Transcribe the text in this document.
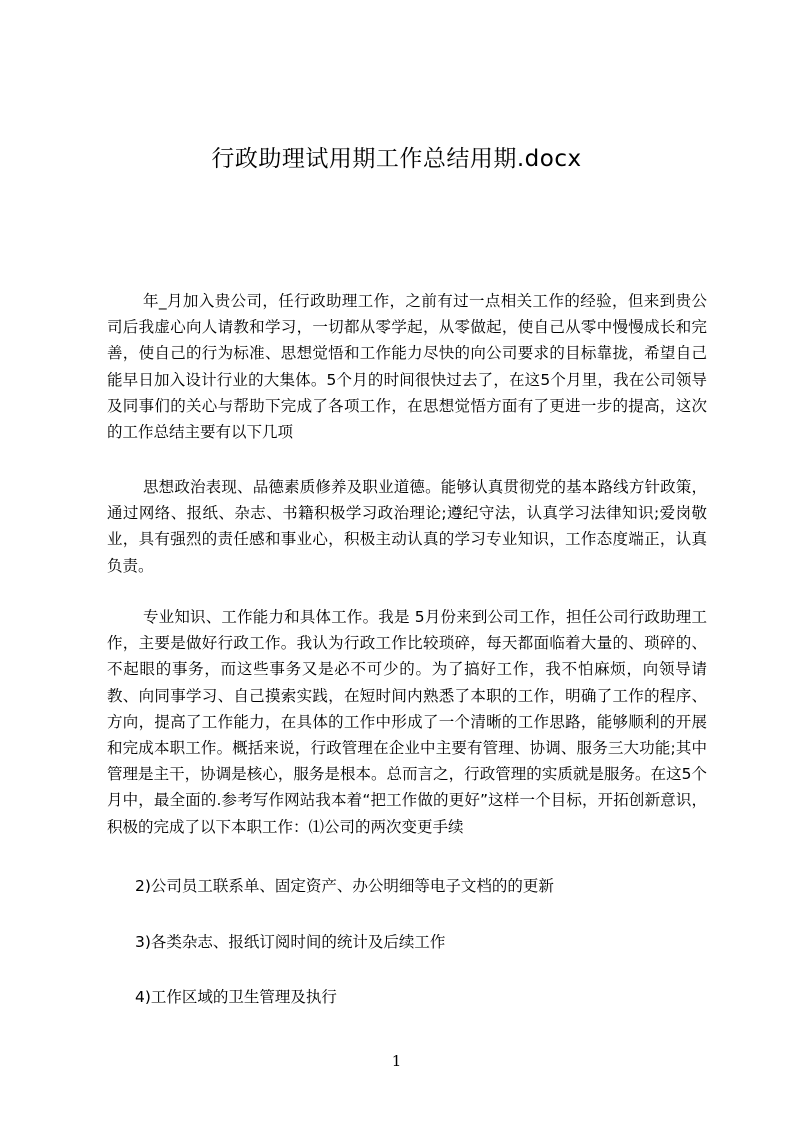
行政助理试用期工作总结用期.docx

年_月加入贵公司，任行政助理工作，之前有过一点相关工作的经验，但来到贵公司后我虚心向人请教和学习，一切都从零学起，从零做起，使自己从零中慢慢成长和完善，使自己的行为标准、思想觉悟和工作能力尽快的向公司要求的目标靠拢，希望自己能早日加入设计行业的大集体。5个月的时间很快过去了，在这5个月里，我在公司领导及同事们的关心与帮助下完成了各项工作，在思想觉悟方面有了更进一步的提高，这次的工作总结主要有以下几项

思想政治表现、品德素质修养及职业道德。能够认真贯彻党的基本路线方针政策，通过网络、报纸、杂志、书籍积极学习政治理论;遵纪守法，认真学习法律知识;爱岗敬业，具有强烈的责任感和事业心，积极主动认真的学习专业知识，工作态度端正，认真负责。

专业知识、工作能力和具体工作。我是 5月份来到公司工作，担任公司行政助理工作，主要是做好行政工作。我认为行政工作比较琐碎，每天都面临着大量的、琐碎的、不起眼的事务，而这些事务又是必不可少的。为了搞好工作，我不怕麻烦，向领导请教、向同事学习、自己摸索实践，在短时间内熟悉了本职的工作，明确了工作的程序、方向，提高了工作能力，在具体的工作中形成了一个清晰的工作思路，能够顺利的开展和完成本职工作。概括来说，行政管理在企业中主要有管理、协调、服务三大功能;其中管理是主干，协调是核心，服务是根本。总而言之，行政管理的实质就是服务。在这5个月中，最全面的.参考写作网站我本着“把工作做的更好”这样一个目标，开拓创新意识，积极的完成了以下本职工作：⑴公司的两次变更手续

2)公司员工联系单、固定资产、办公明细等电子文档的的更新
3)各类杂志、报纸订阅时间的统计及后续工作
4)工作区域的卫生管理及执行
1
